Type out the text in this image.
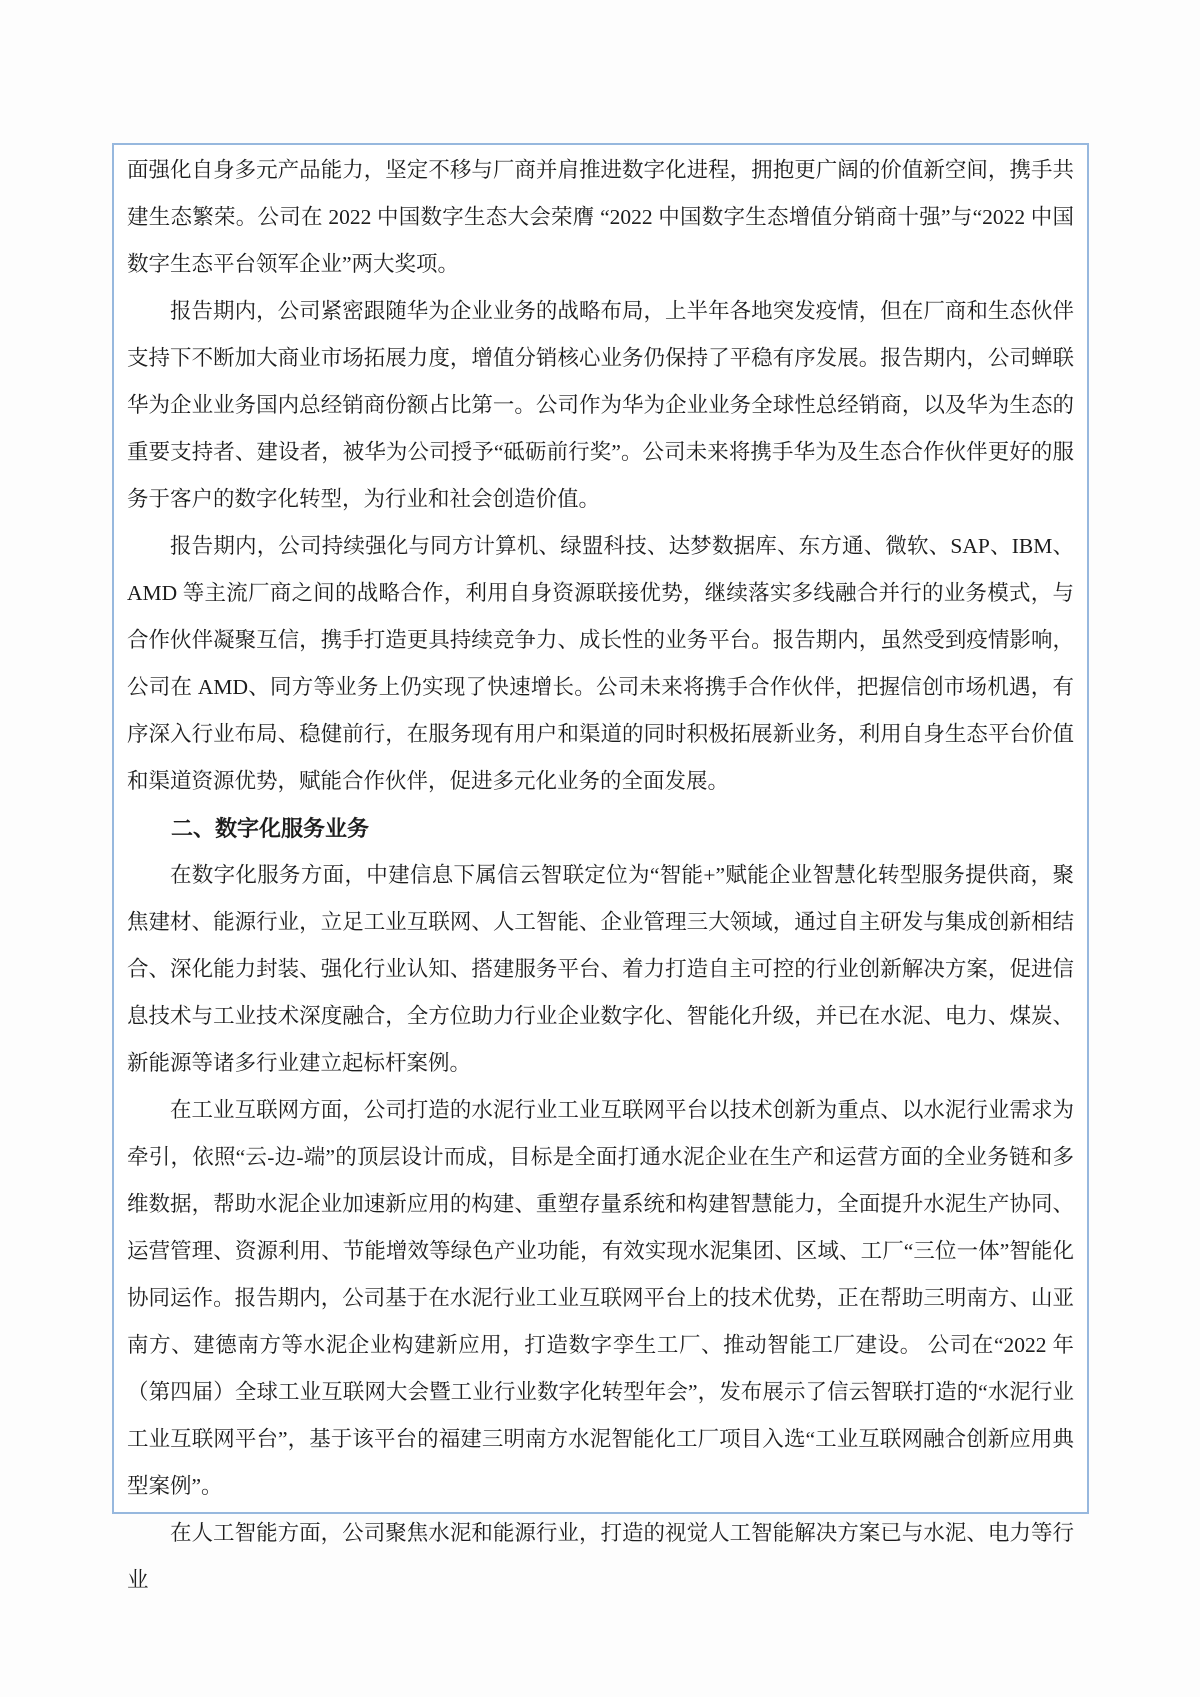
面强化自身多元产品能力，坚定不移与厂商并肩推进数字化进程，拥抱更广阔的价值新空间，携手共建生态繁荣。公司在 2022 中国数字生态大会荣膺 “2022 中国数字生态增值分销商十强”与“2022 中国数字生态平台领军企业”两大奖项。

报告期内，公司紧密跟随华为企业业务的战略布局，上半年各地突发疫情，但在厂商和生态伙伴支持下不断加大商业市场拓展力度，增值分销核心业务仍保持了平稳有序发展。报告期内，公司蝉联华为企业业务国内总经销商份额占比第一。公司作为华为企业业务全球性总经销商，以及华为生态的重要支持者、建设者，被华为公司授予“砥砺前行奖”。公司未来将携手华为及生态合作伙伴更好的服务于客户的数字化转型，为行业和社会创造价值。

报告期内，公司持续强化与同方计算机、绿盟科技、达梦数据库、东方通、微软、SAP、IBM、AMD 等主流厂商之间的战略合作，利用自身资源联接优势，继续落实多线融合并行的业务模式，与合作伙伴凝聚互信，携手打造更具持续竞争力、成长性的业务平台。报告期内，虽然受到疫情影响，公司在 AMD、同方等业务上仍实现了快速增长。公司未来将携手合作伙伴，把握信创市场机遇，有序深入行业布局、稳健前行，在服务现有用户和渠道的同时积极拓展新业务，利用自身生态平台价值和渠道资源优势，赋能合作伙伴，促进多元化业务的全面发展。

二、数字化服务业务

在数字化服务方面，中建信息下属信云智联定位为“智能+”赋能企业智慧化转型服务提供商，聚焦建材、能源行业，立足工业互联网、人工智能、企业管理三大领域，通过自主研发与集成创新相结合、深化能力封装、强化行业认知、搭建服务平台、着力打造自主可控的行业创新解决方案，促进信息技术与工业技术深度融合，全方位助力行业企业数字化、智能化升级，并已在水泥、电力、煤炭、新能源等诸多行业建立起标杆案例。

在工业互联网方面，公司打造的水泥行业工业互联网平台以技术创新为重点、以水泥行业需求为牵引，依照“云-边-端”的顶层设计而成，目标是全面打通水泥企业在生产和运营方面的全业务链和多维数据，帮助水泥企业加速新应用的构建、重塑存量系统和构建智慧能力，全面提升水泥生产协同、运营管理、资源利用、节能增效等绿色产业功能，有效实现水泥集团、区域、工厂“三位一体”智能化协同运作。报告期内，公司基于在水泥行业工业互联网平台上的技术优势，正在帮助三明南方、山亚南方、建德南方等水泥企业构建新应用，打造数字孪生工厂、推动智能工厂建设。 公司在“2022 年（第四届）全球工业互联网大会暨工业行业数字化转型年会”，发布展示了信云智联打造的“水泥行业工业互联网平台”，基于该平台的福建三明南方水泥智能化工厂项目入选“工业互联网融合创新应用典型案例”。

在人工智能方面，公司聚焦水泥和能源行业，打造的视觉人工智能解决方案已与水泥、电力等行业
